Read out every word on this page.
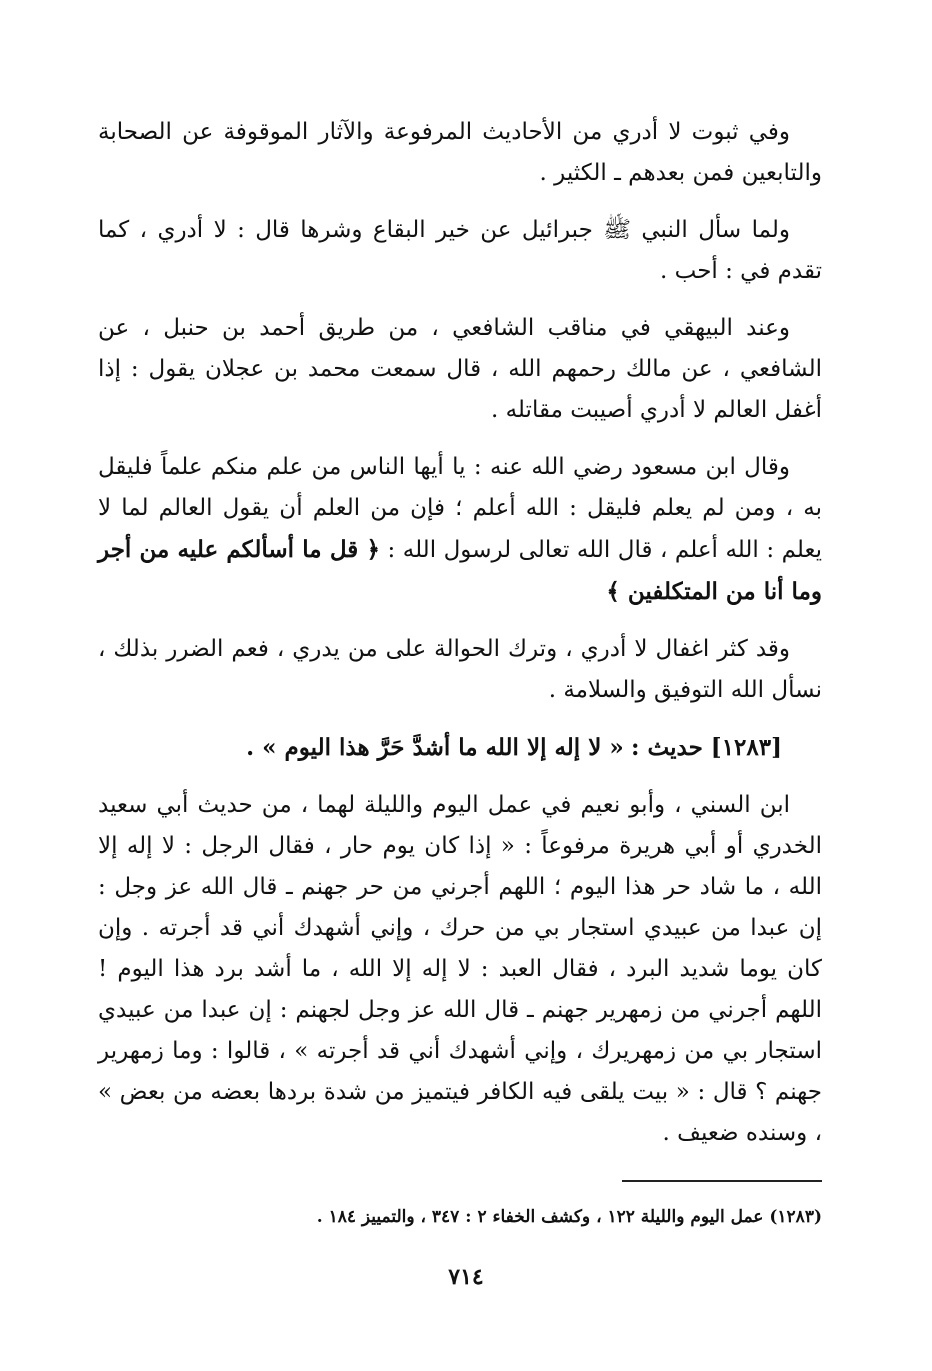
وفي ثبوت لا أدري من الأحاديث المرفوعة والآثار الموقوفة عن الصحابة والتابعين فمن بعدهم ـ الكثير .

ولما سأل النبي ﷺ جبرائيل عن خير البقاع وشرها قال : لا أدري ، كما تقدم في : أحب .

وعند البيهقي في مناقب الشافعي ، من طريق أحمد بن حنبل ، عن الشافعي ، عن مالك رحمهم الله ، قال سمعت محمد بن عجلان يقول : إذا أغفل العالم لا أدري أصيبت مقاتله .

وقال ابن مسعود رضي الله عنه : يا أيها الناس من علم منكم علماً فليقل به ، ومن لم يعلم فليقل : الله أعلم ؛ فإن من العلم أن يقول العالم لما لا يعلم : الله أعلم ، قال الله تعالى لرسول الله : ﴿ قل ما أسألكم عليه من أجر وما أنا من المتكلفين ﴾

وقد كثر اغفال لا أدري ، وترك الحوالة على من يدري ، فعم الضرر بذلك ، نسأل الله التوفيق والسلامة .

[١٢٨٣] حديث : « لا إله إلا الله ما أشدَّ حَرَّ هذا اليوم » .

ابن السني ، وأبو نعيم في عمل اليوم والليلة لهما ، من حديث أبي سعيد الخدري أو أبي هريرة مرفوعاً : « إذا كان يوم حار ، فقال الرجل : لا إله إلا الله ، ما شاد حر هذا اليوم ؛ اللهم أجرني من حر جهنم ـ قال الله عز وجل : إن عبدا من عبيدي استجار بي من حرك ، وإني أشهدك أني قد أجرته . وإن كان يوما شديد البرد ، فقال العبد : لا إله إلا الله ، ما أشد برد هذا اليوم ! اللهم أجرني من زمهرير جهنم ـ قال الله عز وجل لجهنم : إن عبدا من عبيدي استجار بي من زمهريرك ، وإني أشهدك أني قد أجرته » ، قالوا : وما زمهرير جهنم ؟ قال : « بيت يلقى فيه الكافر فيتميز من شدة بردها بعضه من بعض » ، وسنده ضعيف .

(١٢٨٣) عمل اليوم والليلة ١٢٢ ، وكشف الخفاء ٢ : ٣٤٧ ، والتمييز ١٨٤ .
٧١٤
